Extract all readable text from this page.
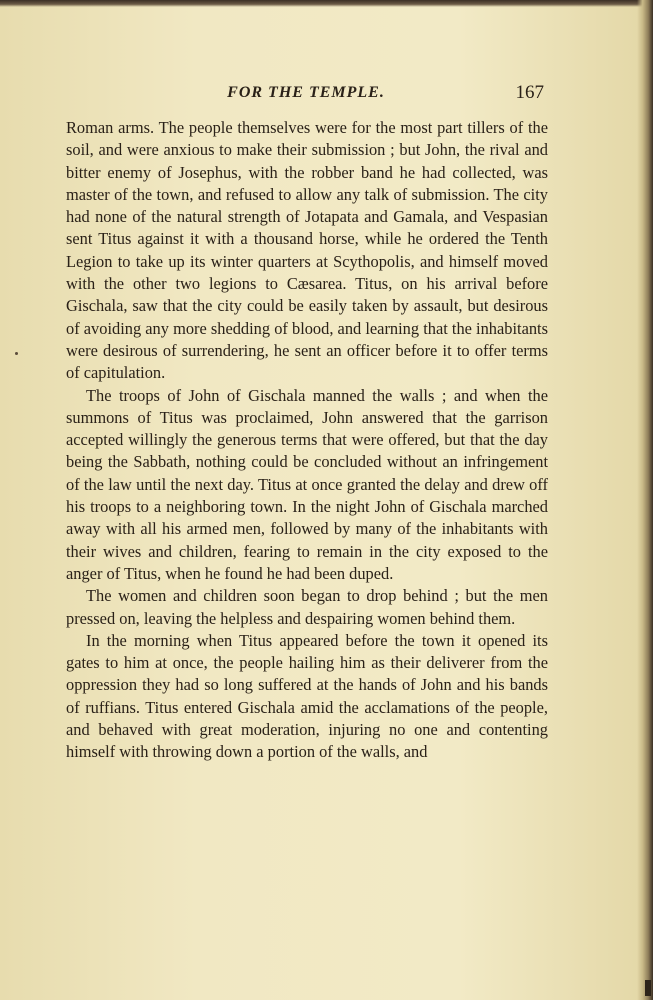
FOR THE TEMPLE.	167

Roman arms. The people themselves were for the most part tillers of the soil, and were anxious to make their submission ; but John, the rival and bitter enemy of Josephus, with the robber band he had collected, was master of the town, and refused to allow any talk of submission. The city had none of the natural strength of Jotapata and Gamala, and Vespasian sent Titus against it with a thousand horse, while he ordered the Tenth Legion to take up its winter quarters at Scythopolis, and himself moved with the other two legions to Cæsarea. Titus, on his arrival before Gischala, saw that the city could be easily taken by assault, but desirous of avoiding any more shedding of blood, and learning that the inhabitants were desirous of surrendering, he sent an officer before it to offer terms of capitulation.

The troops of John of Gischala manned the walls ; and when the summons of Titus was proclaimed, John answered that the garrison accepted willingly the generous terms that were offered, but that the day being the Sabbath, nothing could be concluded without an infringement of the law until the next day. Titus at once granted the delay and drew off his troops to a neighboring town. In the night John of Gischala marched away with all his armed men, followed by many of the inhabitants with their wives and children, fearing to remain in the city exposed to the anger of Titus, when he found he had been duped.

The women and children soon began to drop behind ; but the men pressed on, leaving the helpless and despairing women behind them.

In the morning when Titus appeared before the town it opened its gates to him at once, the people hailing him as their deliverer from the oppression they had so long suffered at the hands of John and his bands of ruffians. Titus entered Gischala amid the acclamations of the people, and behaved with great moderation, injuring no one and contenting himself with throwing down a portion of the walls, and
